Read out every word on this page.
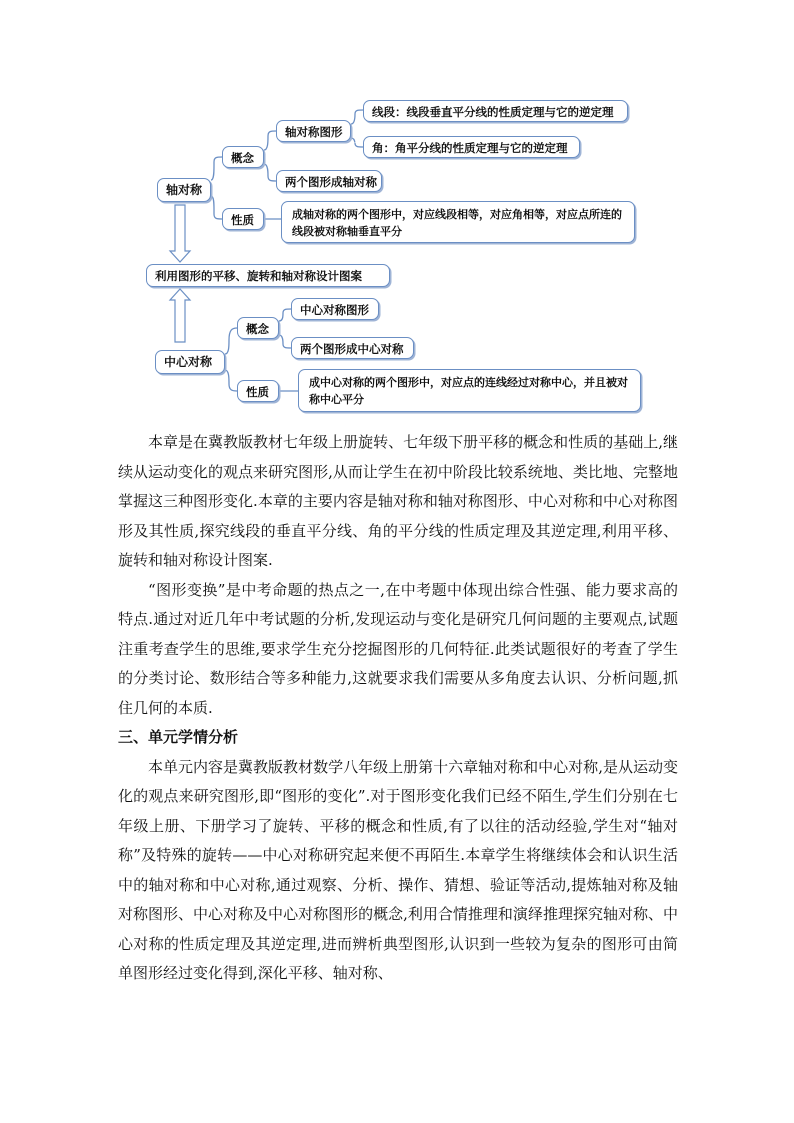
轴对称
概念
轴对称图形
线段：线段垂直平分线的性质定理与它的逆定理
角：角平分线的性质定理与它的逆定理
两个图形成轴对称
性质	成轴对称的两个图形中，对应线段相等，对应角相等，对应点所连的线段被对称轴垂直平分
利用图形的平移、旋转和轴对称设计图案
中心对称
概念
中心对称图形
两个图形成中心对称
性质
成中心对称的两个图形中，对应点的连线经过对称中心，并且被对称中心平分

本章是在冀教版教材七年级上册旋转、七年级下册平移的概念和性质的基础上,继续从运动变化的观点来研究图形,从而让学生在初中阶段比较系统地、类比地、完整地掌握这三种图形变化.本章的主要内容是轴对称和轴对称图形、中心对称和中心对称图形及其性质,探究线段的垂直平分线、角的平分线的性质定理及其逆定理,利用平移、旋转和轴对称设计图案.

“图形变换”是中考命题的热点之一,在中考题中体现出综合性强、能力要求高的特点.通过对近几年中考试题的分析,发现运动与变化是研究几何问题的主要观点,试题注重考查学生的思维,要求学生充分挖掘图形的几何特征.此类试题很好的考查了学生的分类讨论、数形结合等多种能力,这就要求我们需要从多角度去认识、分析问题,抓住几何的本质.

三、单元学情分析

本单元内容是冀教版教材数学八年级上册第十六章轴对称和中心对称,是从运动变化的观点来研究图形,即“图形的变化”.对于图形变化我们已经不陌生,学生们分别在七年级上册、下册学习了旋转、平移的概念和性质,有了以往的活动经验,学生对“轴对称”及特殊的旋转——中心对称研究起来便不再陌生.本章学生将继续体会和认识生活中的轴对称和中心对称,通过观察、分析、操作、猜想、验证等活动,提炼轴对称及轴对称图形、中心对称及中心对称图形的概念,利用合情推理和演绎推理探究轴对称、中心对称的性质定理及其逆定理,进而辨析典型图形,认识到一些较为复杂的图形可由简单图形经过变化得到,深化平移、轴对称、
